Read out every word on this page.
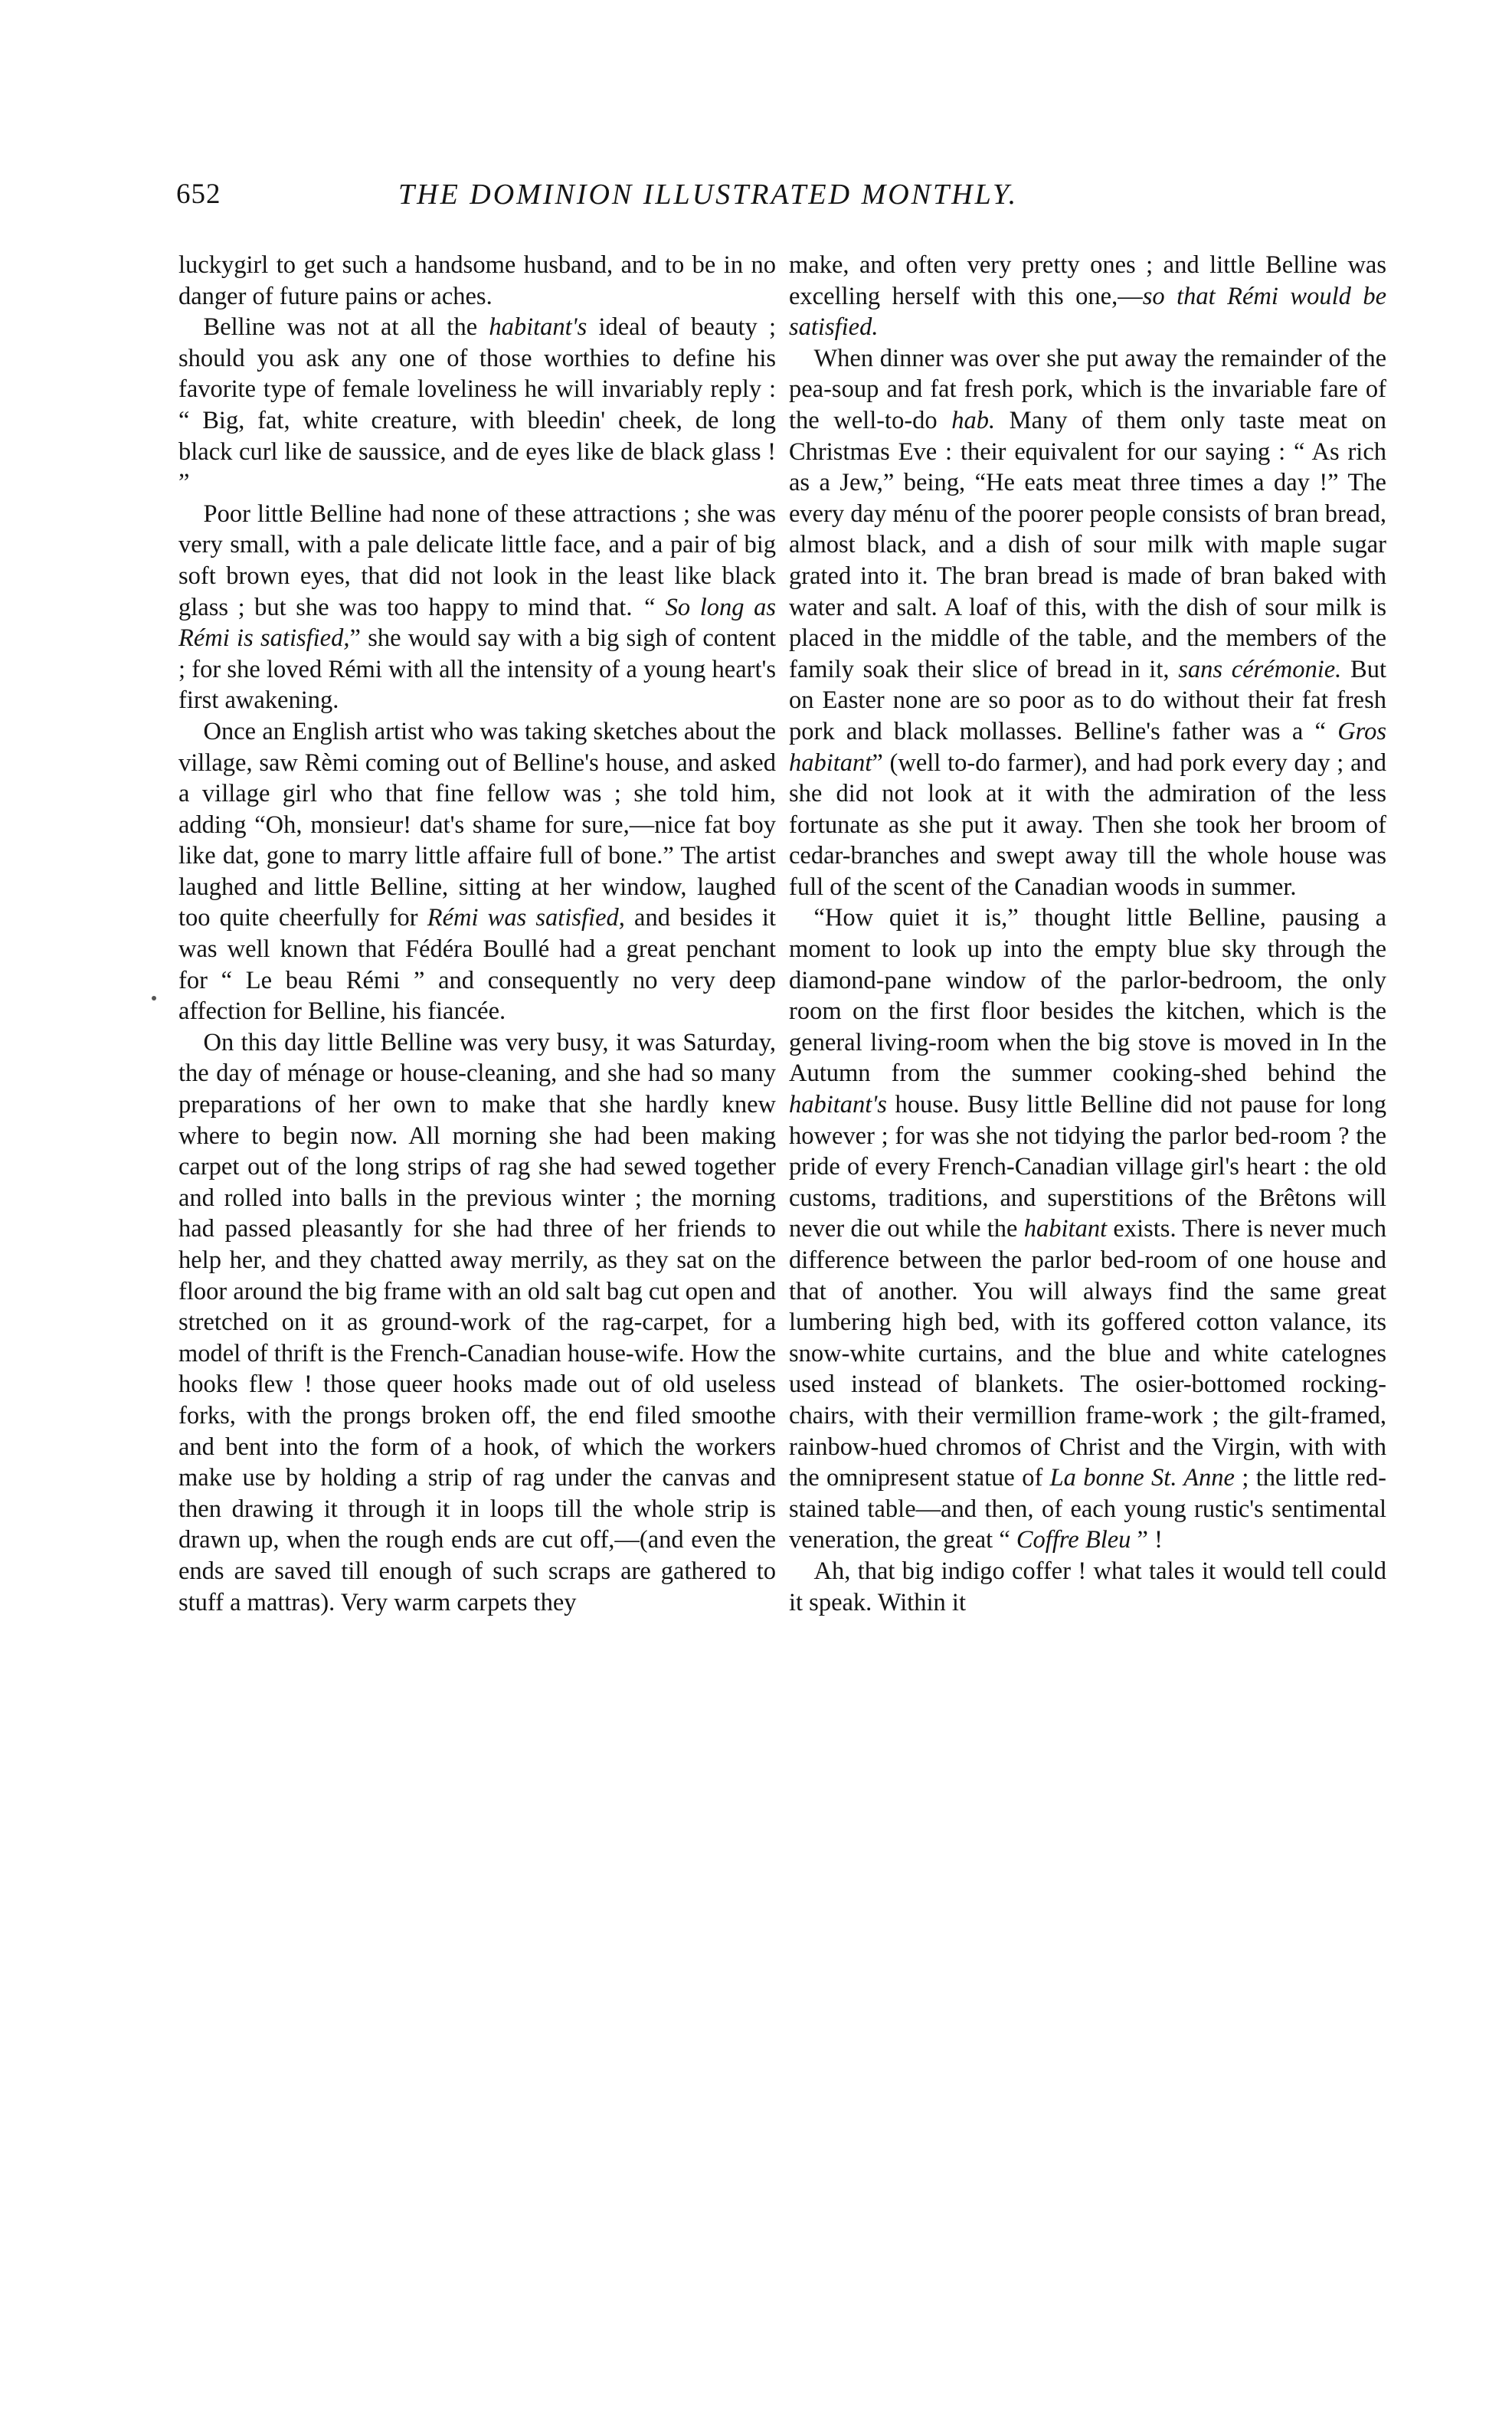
652	THE DOMINION ILLUSTRATED MONTHLY.

luckygirl to get such a handsome husband, and to be in no danger of future pains or aches.

Belline was not at all the habitant's ideal of beauty ; should you ask any one of those worthies to define his favorite type of female loveliness he will invariably reply : “ Big, fat, white creature, with bleedin' cheek, de long black curl like de saussice, and de eyes like de black glass ! ”

Poor little Belline had none of these attractions ; she was very small, with a pale delicate little face, and a pair of big soft brown eyes, that did not look in the least like black glass ; but she was too happy to mind that. “ So long as Rémi is satisfied,” she would say with a big sigh of content ; for she loved Rémi with all the intensity of a young heart's first awakening.

Once an English artist who was taking sketches about the village, saw Rèmi coming out of Belline's house, and asked a village girl who that fine fellow was ; she told him, adding “Oh, monsieur! dat's shame for sure,—nice fat boy like dat, gone to marry little affaire full of bone.” The artist laughed and little Belline, sitting at her window, laughed too quite cheerfully for Rémi was satisfied, and besides it was well known that Fédéra Boullé had a great penchant for “ Le beau Rémi ” and consequently no very deep affection for Belline, his fiancée.

On this day little Belline was very busy, it was Saturday, the day of ménage or house-cleaning, and she had so many preparations of her own to make that she hardly knew where to begin now. All morning she had been making carpet out of the long strips of rag she had sewed together and rolled into balls in the previous winter ; the morning had passed pleasantly for she had three of her friends to help her, and they chatted away merrily, as they sat on the floor around the big frame with an old salt bag cut open and stretched on it as ground-work of the rag-carpet, for a model of thrift is the French-Canadian house-wife. How the hooks flew ! those queer hooks made out of old useless forks, with the prongs broken off, the end filed smoothe and bent into the form of a hook, of which the workers make use by holding a strip of rag under the canvas and then drawing it through it in loops till the whole strip is drawn up, when the rough ends are cut off,—(and even the ends are saved till enough of such scraps are gathered to stuff a mattras). Very warm carpets they

make, and often very pretty ones ; and little Belline was excelling herself with this one,—so that Rémi would be satisfied.

When dinner was over she put away the remainder of the pea-soup and fat fresh pork, which is the invariable fare of the well-to-do hab. Many of them only taste meat on Christmas Eve : their equivalent for our saying : “ As rich as a Jew,” being, “He eats meat three times a day !” The every day ménu of the poorer people consists of bran bread, almost black, and a dish of sour milk with maple sugar grated into it. The bran bread is made of bran baked with water and salt. A loaf of this, with the dish of sour milk is placed in the middle of the table, and the members of the family soak their slice of bread in it, sans cérémonie. But on Easter none are so poor as to do without their fat fresh pork and black mollasses. Belline's father was a “ Gros habitant” (well to-do farmer), and had pork every day ; and she did not look at it with the admiration of the less fortunate as she put it away. Then she took her broom of cedar-branches and swept away till the whole house was full of the scent of the Canadian woods in summer.

“How quiet it is,” thought little Belline, pausing a moment to look up into the empty blue sky through the diamond-pane window of the parlor-bedroom, the only room on the first floor besides the kitchen, which is the general living-room when the big stove is moved in In the Autumn from the summer cooking-shed behind the habitant's house. Busy little Belline did not pause for long however ; for was she not tidying the parlor bed-room ? the pride of every French-Canadian village girl's heart : the old customs, traditions, and superstitions of the Brêtons will never die out while the habitant exists. There is never much difference between the parlor bed-room of one house and that of another. You will always find the same great lumbering high bed, with its goffered cotton valance, its snow-white curtains, and the blue and white catelognes used instead of blankets. The osier-bottomed rocking-chairs, with their vermillion frame-work ; the gilt-framed, rainbow-hued chromos of Christ and the Virgin, with with the omnipresent statue of La bonne St. Anne ; the little red-stained table—and then, of each young rustic's sentimental veneration, the great “ Coffre Bleu ” !

Ah, that big indigo coffer ! what tales it would tell could it speak. Within it
